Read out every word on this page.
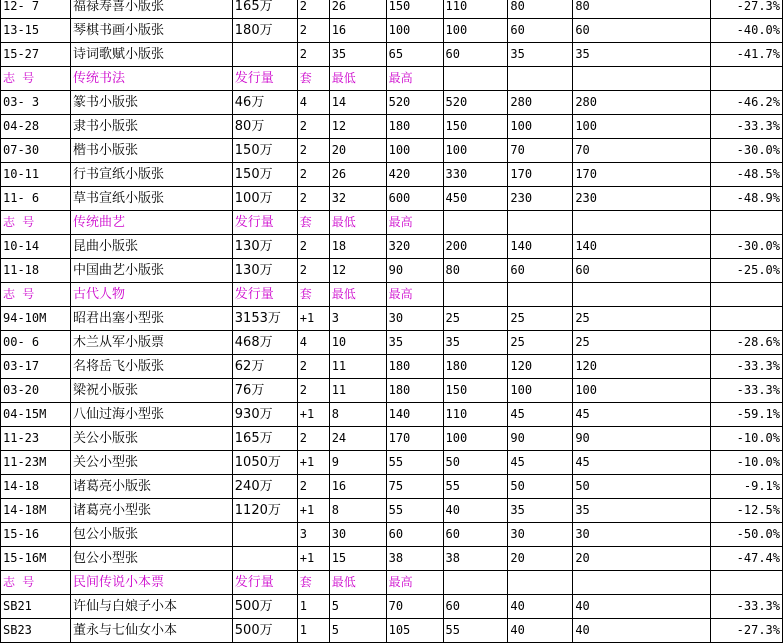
12- 7	福禄寿喜小版张	165万	2	26	150	110	80	80	-27.3%
13-15	琴棋书画小版张	180万	2	16	100	100	60	60	-40.0%
15-27	诗词歌赋小版张		2	35	65	60	35	35	-41.7%
志 号	传统书法	发行量	套	最低	最高				
03- 3	篆书小版张	46万	4	14	520	520	280	280	-46.2%
04-28	隶书小版张	80万	2	12	180	150	100	100	-33.3%
07-30	楷书小版张	150万	2	20	100	100	70	70	-30.0%
10-11	行书宣纸小版张	150万	2	26	420	330	170	170	-48.5%
11- 6	草书宣纸小版张	100万	2	32	600	450	230	230	-48.9%
志 号	传统曲艺	发行量	套	最低	最高				
10-14	昆曲小版张	130万	2	18	320	200	140	140	-30.0%
11-18	中国曲艺小版张	130万	2	12	90	80	60	60	-25.0%
志 号	古代人物	发行量	套	最低	最高				
94-10M	昭君出塞小型张	3153万	+1	3	30	25	25	25	
00- 6	木兰从军小版票	468万	4	10	35	35	25	25	-28.6%
03-17	名将岳飞小版张	62万	2	11	180	180	120	120	-33.3%
03-20	梁祝小版张	76万	2	11	180	150	100	100	-33.3%
04-15M	八仙过海小型张	930万	+1	8	140	110	45	45	-59.1%
11-23	关公小版张	165万	2	24	170	100	90	90	-10.0%
11-23M	关公小型张	1050万	+1	9	55	50	45	45	-10.0%
14-18	诸葛亮小版张	240万	2	16	75	55	50	50	-9.1%
14-18M	诸葛亮小型张	1120万	+1	8	55	40	35	35	-12.5%
15-16	包公小版张		3	30	60	60	30	30	-50.0%
15-16M	包公小型张		+1	15	38	38	20	20	-47.4%
志 号	民间传说小本票	发行量	套	最低	最高				
SB21	许仙与白娘子小本	500万	1	5	70	60	40	40	-33.3%
SB23	董永与七仙女小本	500万	1	5	105	55	40	40	-27.3%
